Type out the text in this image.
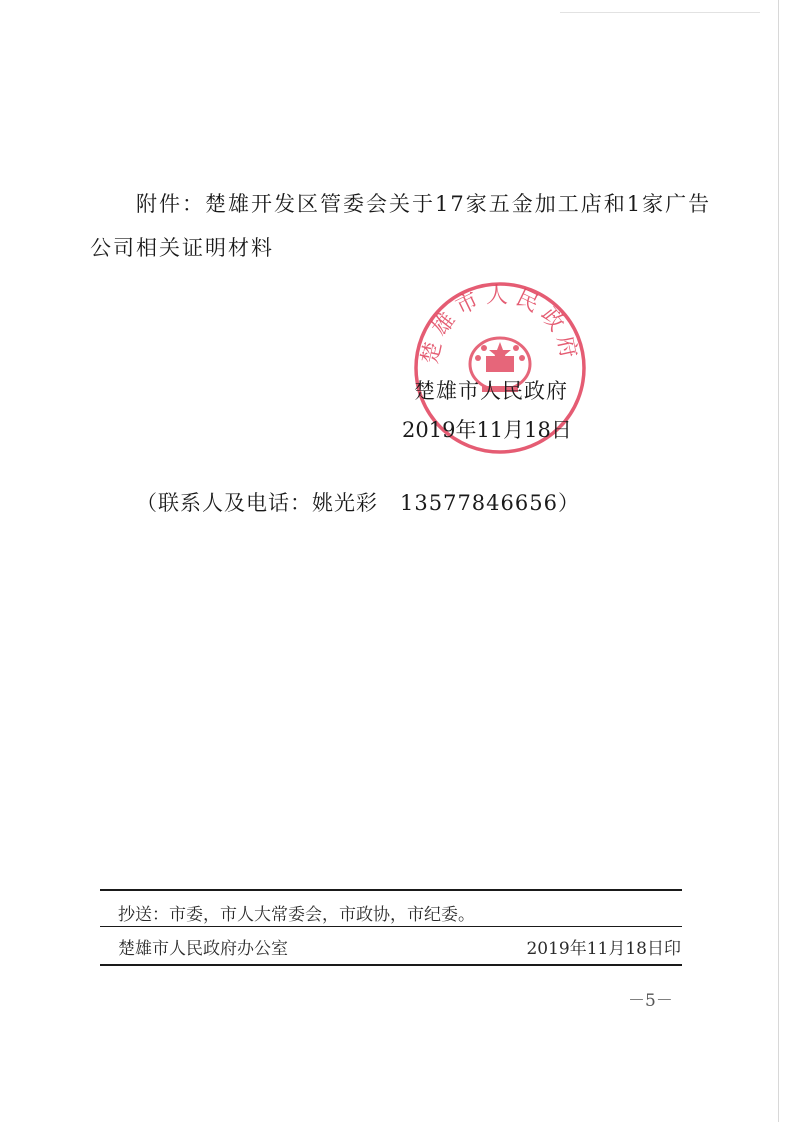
附件：楚雄开发区管委会关于17家五金加工店和1家广告
公司相关证明材料
楚雄市人民政府
楚雄市人民政府
2019年11月18日
（联系人及电话：姚光彩　13577846656）
抄送：市委，市人大常委会，市政协，市纪委。
楚雄市人民政府办公室	2019年11月18日印
－5－
